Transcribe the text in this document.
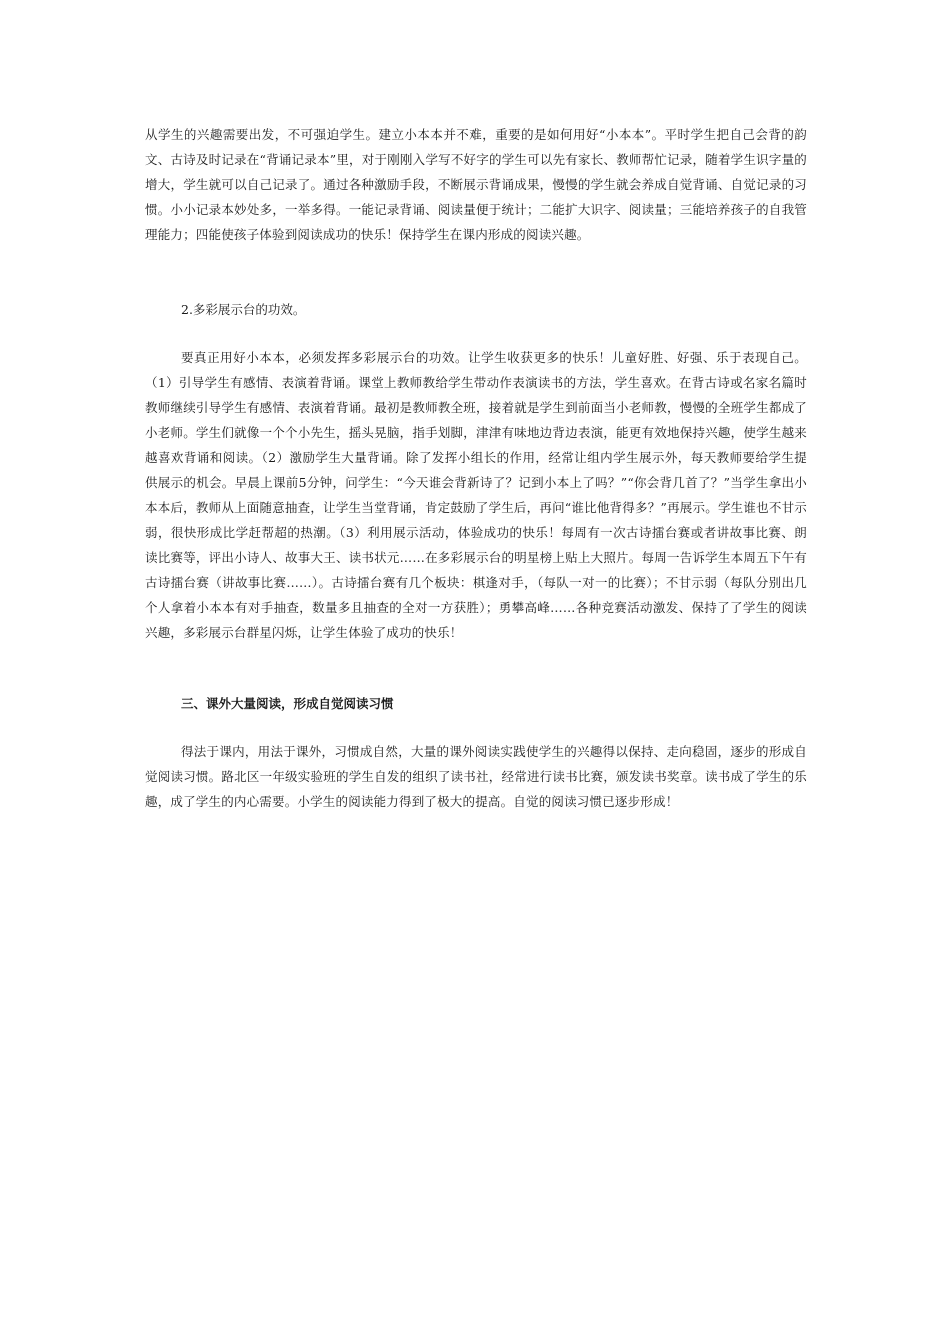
从学生的兴趣需要出发，不可强迫学生。建立小本本并不难，重要的是如何用好“小本本”。平时学生把自己会背的韵文、古诗及时记录在“背诵记录本”里，对于刚刚入学写不好字的学生可以先有家长、教师帮忙记录，随着学生识字量的增大，学生就可以自己记录了。通过各种激励手段，不断展示背诵成果，慢慢的学生就会养成自觉背诵、自觉记录的习惯。小小记录本妙处多，一举多得。一能记录背诵、阅读量便于统计；二能扩大识字、阅读量；三能培养孩子的自我管理能力；四能使孩子体验到阅读成功的快乐！保持学生在课内形成的阅读兴趣。

2.多彩展示台的功效。

要真正用好小本本，必须发挥多彩展示台的功效。让学生收获更多的快乐！儿童好胜、好强、乐于表现自己。（1）引导学生有感情、表演着背诵。课堂上教师教给学生带动作表演读书的方法，学生喜欢。在背古诗或名家名篇时教师继续引导学生有感情、表演着背诵。最初是教师教全班，接着就是学生到前面当小老师教，慢慢的全班学生都成了小老师。学生们就像一个个小先生，摇头晃脑，指手划脚，津津有味地边背边表演，能更有效地保持兴趣，使学生越来越喜欢背诵和阅读。（2）激励学生大量背诵。除了发挥小组长的作用，经常让组内学生展示外，每天教师要给学生提供展示的机会。早晨上课前5分钟，问学生：“今天谁会背新诗了？记到小本上了吗？”“你会背几首了？”当学生拿出小本本后，教师从上面随意抽查，让学生当堂背诵，肯定鼓励了学生后，再问“谁比他背得多？”再展示。学生谁也不甘示弱，很快形成比学赶帮超的热潮。（3）利用展示活动，体验成功的快乐！每周有一次古诗擂台赛或者讲故事比赛、朗读比赛等，评出小诗人、故事大王、读书状元……在多彩展示台的明星榜上贴上大照片。每周一告诉学生本周五下午有古诗擂台赛（讲故事比赛……）。古诗擂台赛有几个板块：棋逢对手，（每队一对一的比赛）；不甘示弱（每队分别出几个人拿着小本本有对手抽查，数量多且抽查的全对一方获胜）；勇攀高峰……各种竞赛活动激发、保持了了学生的阅读兴趣，多彩展示台群星闪烁，让学生体验了成功的快乐！

三、课外大量阅读，形成自觉阅读习惯

得法于课内，用法于课外，习惯成自然，大量的课外阅读实践使学生的兴趣得以保持、走向稳固，逐步的形成自觉阅读习惯。路北区一年级实验班的学生自发的组织了读书社，经常进行读书比赛，颁发读书奖章。读书成了学生的乐趣，成了学生的内心需要。小学生的阅读能力得到了极大的提高。自觉的阅读习惯已逐步形成！
